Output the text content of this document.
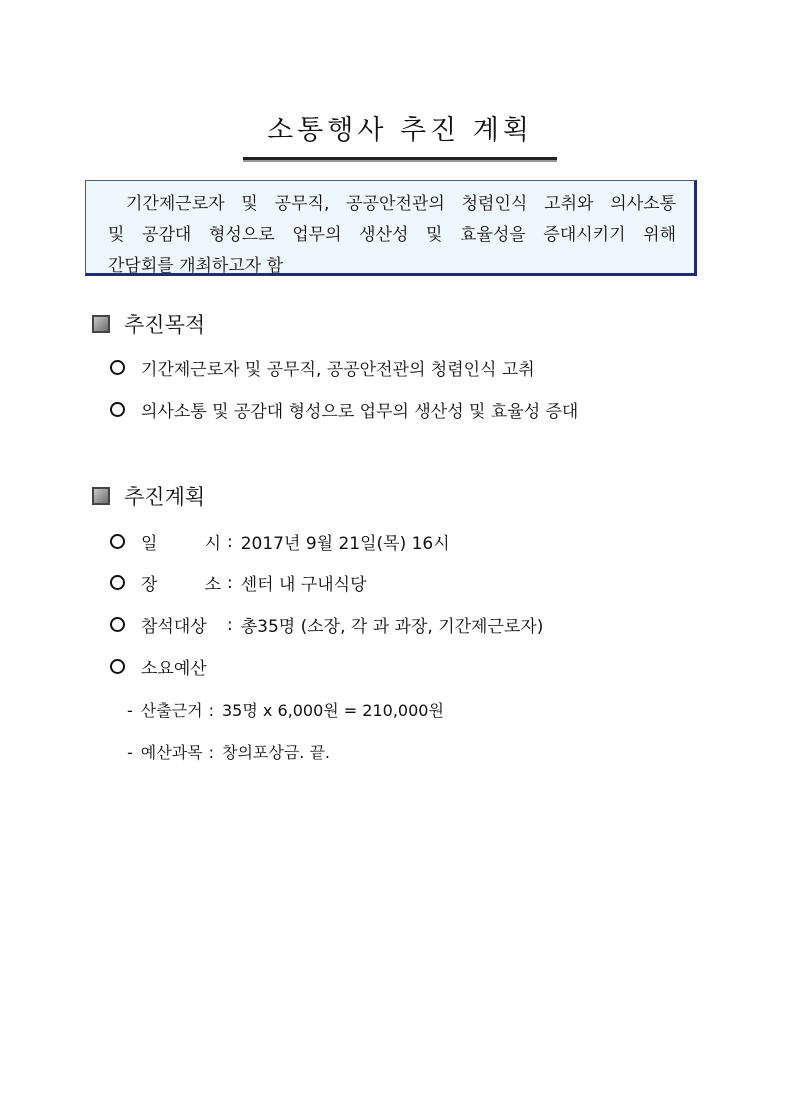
소통행사 추진 계획
기간제근로자 및 공무직, 공공안전관의 청렴인식 고취와 의사소통
및 공감대 형성으로 업무의 생산성 및 효율성을 증대시키기 위해
간담회를 개최하고자 함
추진목적
기간제근로자 및 공무직, 공공안전관의 청렴인식 고취
의사소통 및 공감대 형성으로 업무의 생산성 및 효율성 증대
추진계획
일 시 : 2017년 9월 21일(목) 16시
장 소 : 센터 내 구내식당
참석대상	: 총35명 (소장, 각 과 과장, 기간제근로자)
소요예산
- 산출근거 : 35명 x 6,000원 = 210,000원
- 예산과목 : 창의포상금. 끝.
